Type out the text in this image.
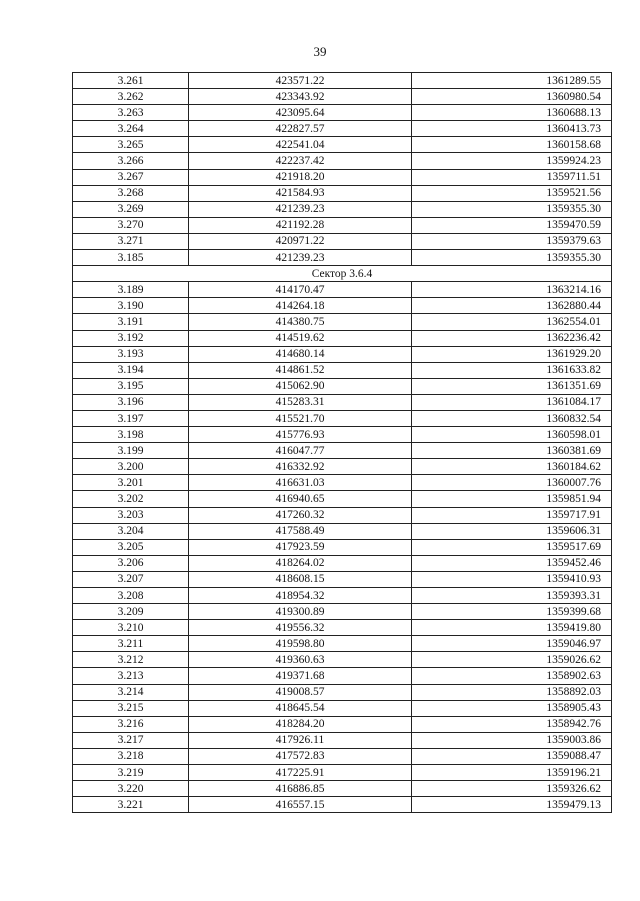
39
3.261	423571.22	1361289.55
3.262	423343.92	1360980.54
3.263	423095.64	1360688.13
3.264	422827.57	1360413.73
3.265	422541.04	1360158.68
3.266	422237.42	1359924.23
3.267	421918.20	1359711.51
3.268	421584.93	1359521.56
3.269	421239.23	1359355.30
3.270	421192.28	1359470.59
3.271	420971.22	1359379.63
3.185	421239.23	1359355.30
Сектор 3.6.4		
3.189	414170.47	1363214.16
3.190	414264.18	1362880.44
3.191	414380.75	1362554.01
3.192	414519.62	1362236.42
3.193	414680.14	1361929.20
3.194	414861.52	1361633.82
3.195	415062.90	1361351.69
3.196	415283.31	1361084.17
3.197	415521.70	1360832.54
3.198	415776.93	1360598.01
3.199	416047.77	1360381.69
3.200	416332.92	1360184.62
3.201	416631.03	1360007.76
3.202	416940.65	1359851.94
3.203	417260.32	1359717.91
3.204	417588.49	1359606.31
3.205	417923.59	1359517.69
3.206	418264.02	1359452.46
3.207	418608.15	1359410.93
3.208	418954.32	1359393.31
3.209	419300.89	1359399.68
3.210	419556.32	1359419.80
3.211	419598.80	1359046.97
3.212	419360.63	1359026.62
3.213	419371.68	1358902.63
3.214	419008.57	1358892.03
3.215	418645.54	1358905.43
3.216	418284.20	1358942.76
3.217	417926.11	1359003.86
3.218	417572.83	1359088.47
3.219	417225.91	1359196.21
3.220	416886.85	1359326.62
3.221	416557.15	1359479.13
